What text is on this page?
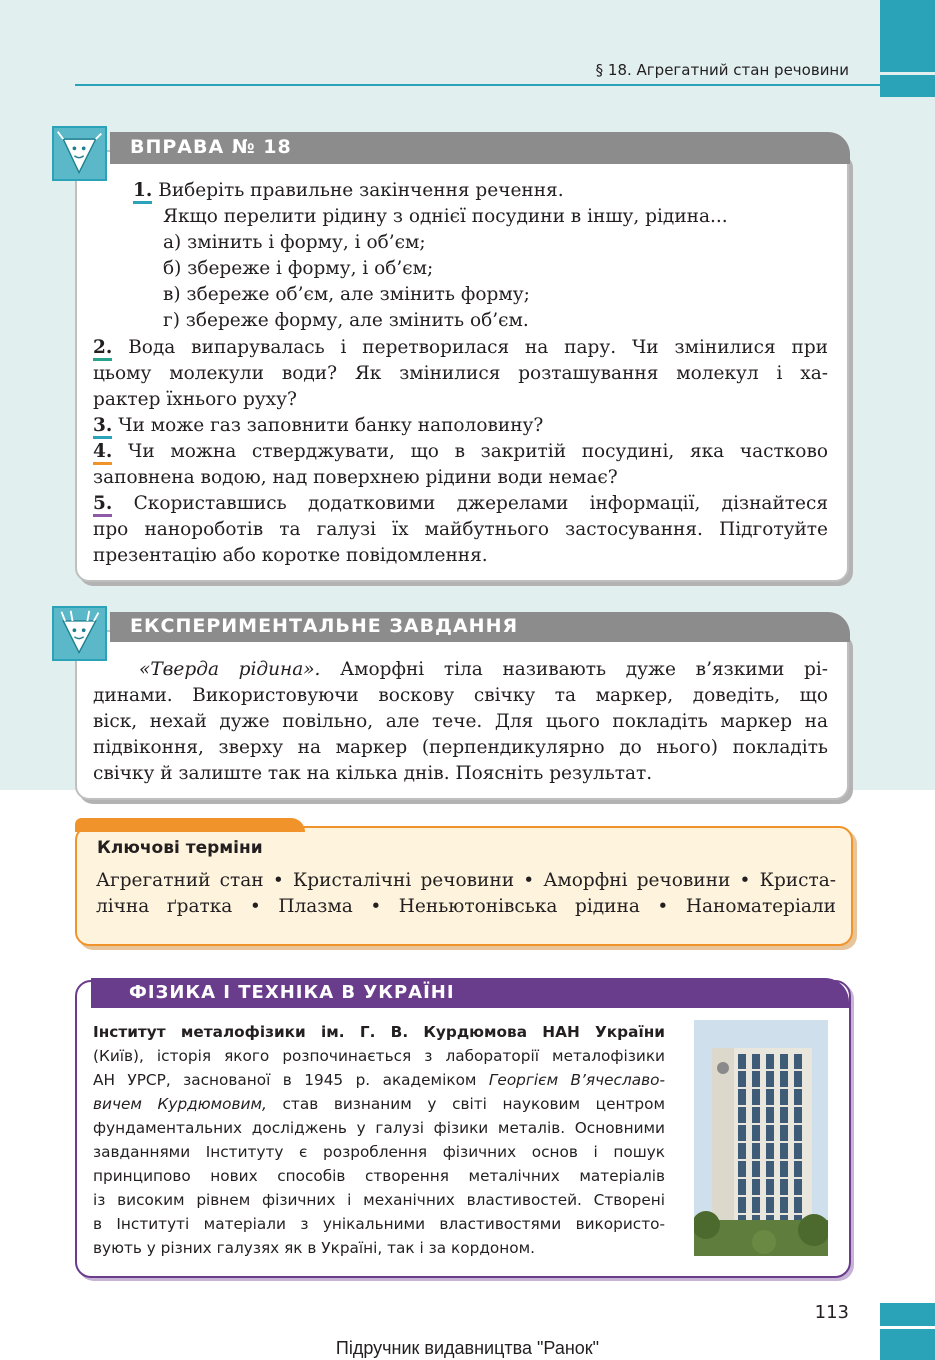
§ 18. Агрегатний стан речовини
ВПРАВА № 18
1. Виберіть правильне закінчення речення.
Якщо перелити рідину з однієї посудини в іншу, рідина...
а) змінить і форму, і об’єм;
б) збереже і форму, і об’єм;
в) збереже об’єм, але змінить форму;
г) збереже форму, але змінить об’єм.
2. Вода випарувалась і перетворилася на пару. Чи змінилися при
цьому молекули води? Як змінилися розташування молекул і ха-
рактер їхнього руху?
3. Чи може газ заповнити банку наполовину?
4. Чи можна стверджувати, що в закритій посудині, яка частково
заповнена водою, над поверхнею рідини води немає?
5. Скориставшись додатковими джерелами інформації, дізнайтеся
про нанороботів та галузі їх майбутнього застосування. Підготуйте
презентацію або коротке повідомлення.
ЕКСПЕРИМЕНТАЛЬНЕ ЗАВДАННЯ
«Тверда рідина». Аморфні тіла називають дуже в’язкими рі-
динами. Використовуючи воскову свічку та маркер, доведіть, що
віск, нехай дуже повільно, але тече. Для цього покладіть маркер на
підвіконня, зверху на маркер (перпендикулярно до нього) покладіть
свічку й залиште так на кілька днів. Поясніть результат.
Ключові терміни
Агрегатний стан • Кристалічні речовини • Аморфні речовини • Криста-
лічна ґратка • Плазма • Неньютонівська рідина • Наноматеріали
ФІЗИКА І ТЕХНІКА В УКРАЇНІ
Інститут металофізики ім. Г. В. Курдюмова НАН України
(Київ), історія якого розпочинається з лабораторії металофізики
АН УРСР, заснованої в 1945 р. академіком Георгієм В’ячеславо-
вичем Курдюмовим, став визнаним у світі науковим центром
фундаментальних досліджень у галузі фізики металів. Основними
завданнями Інституту є розроблення фізичних основ і пошук
принципово нових способів створення металічних матеріалів
із високим рівнем фізичних і механічних властивостей. Створені
в Інституті матеріали з унікальними властивостями використо-
вують у різних галузях як в Україні, так і за кордоном.
113
Підручник видавництва "Ранок"
